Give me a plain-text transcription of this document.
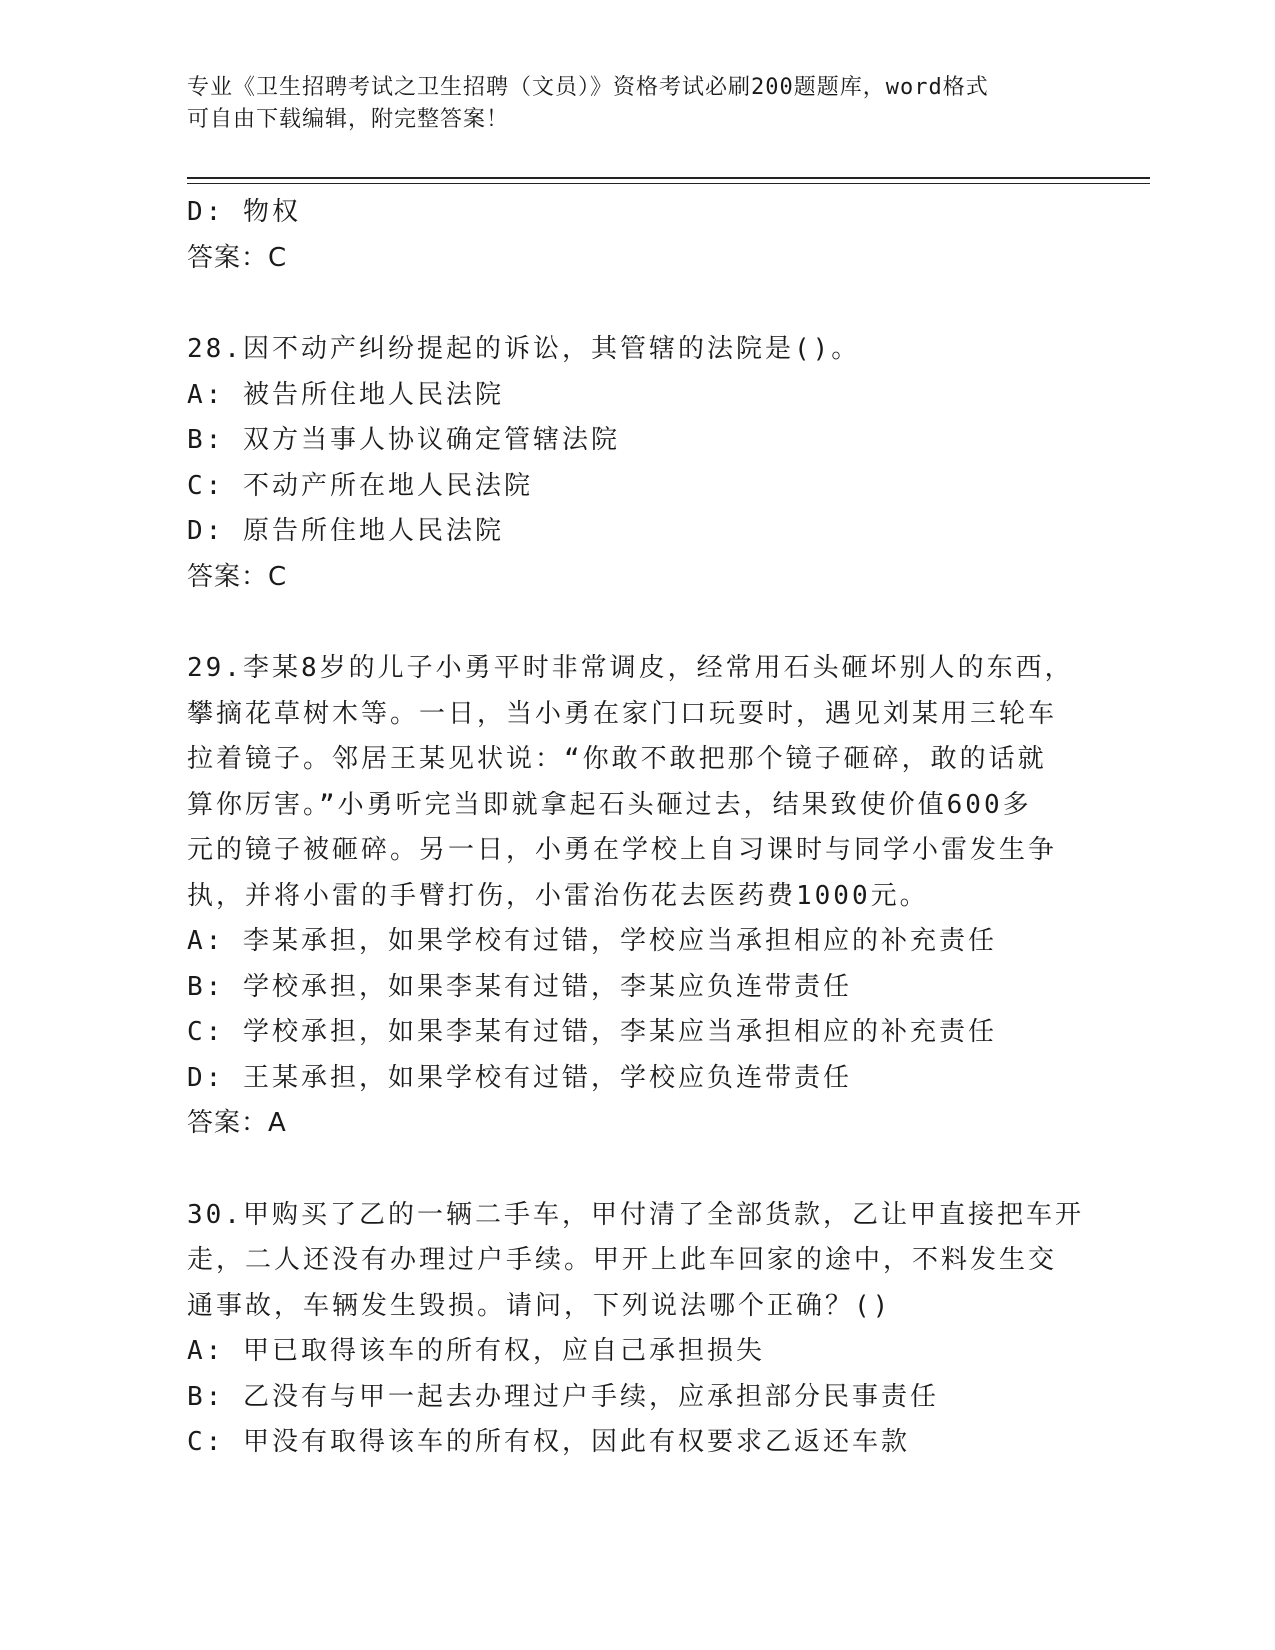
专业《卫生招聘考试之卫生招聘（文员）》资格考试必刷200题题库，word格式
可自由下载编辑，附完整答案！
D: 物权
答案：C
28.因不动产纠纷提起的诉讼，其管辖的法院是()。
A: 被告所住地人民法院
B: 双方当事人协议确定管辖法院
C: 不动产所在地人民法院
D: 原告所住地人民法院
答案：C
29.李某8岁的儿子小勇平时非常调皮，经常用石头砸坏别人的东西，
攀摘花草树木等。一日，当小勇在家门口玩耍时，遇见刘某用三轮车
拉着镜子。邻居王某见状说：“你敢不敢把那个镜子砸碎，敢的话就
算你厉害。”小勇听完当即就拿起石头砸过去，结果致使价值600多
元的镜子被砸碎。另一日，小勇在学校上自习课时与同学小雷发生争
执，并将小雷的手臂打伤，小雷治伤花去医药费1000元。
A: 李某承担，如果学校有过错，学校应当承担相应的补充责任
B: 学校承担，如果李某有过错，李某应负连带责任
C: 学校承担，如果李某有过错，李某应当承担相应的补充责任
D: 王某承担，如果学校有过错，学校应负连带责任
答案：A
30.甲购买了乙的一辆二手车，甲付清了全部货款，乙让甲直接把车开
走，二人还没有办理过户手续。甲开上此车回家的途中，不料发生交
通事故，车辆发生毁损。请问，下列说法哪个正确？()
A: 甲已取得该车的所有权，应自己承担损失
B: 乙没有与甲一起去办理过户手续，应承担部分民事责任
C: 甲没有取得该车的所有权，因此有权要求乙返还车款
